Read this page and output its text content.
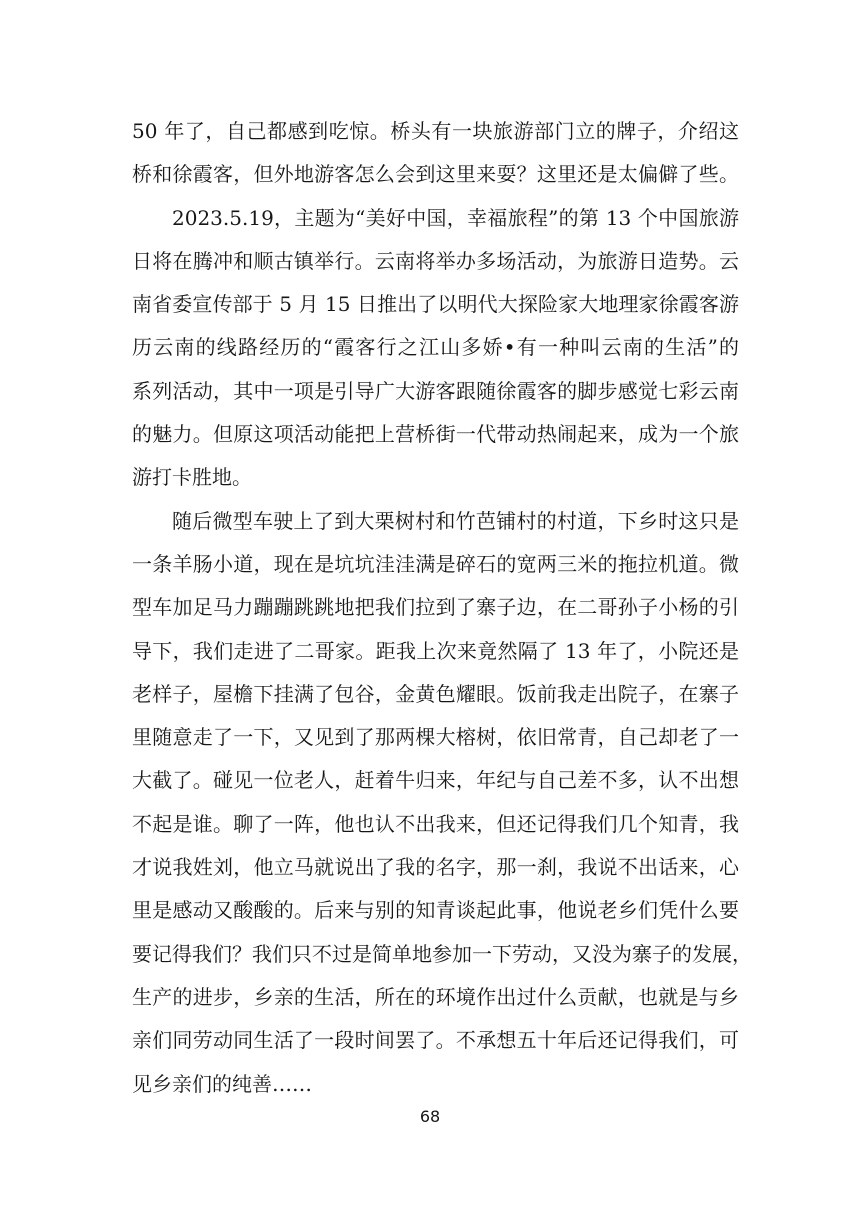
50 年了，自己都感到吃惊。桥头有一块旅游部门立的牌子，介绍这
桥和徐霞客，但外地游客怎么会到这里来耍？这里还是太偏僻了些。
2023.5.19，主题为“美好中国，幸福旅程”的第 13 个中国旅游
日将在腾冲和顺古镇举行。云南将举办多场活动，为旅游日造势。云
南省委宣传部于 5 月 15 日推出了以明代大探险家大地理家徐霞客游
历云南的线路经历的“霞客行之江山多娇•有一种叫云南的生活”的
系列活动，其中一项是引导广大游客跟随徐霞客的脚步感觉七彩云南
的魅力。但原这项活动能把上营桥街一代带动热闹起来，成为一个旅
游打卡胜地。
随后微型车驶上了到大栗树村和竹芭铺村的村道，下乡时这只是
一条羊肠小道，现在是坑坑洼洼满是碎石的宽两三米的拖拉机道。微
型车加足马力蹦蹦跳跳地把我们拉到了寨子边，在二哥孙子小杨的引
导下，我们走进了二哥家。距我上次来竟然隔了 13 年了，小院还是
老样子，屋檐下挂满了包谷，金黄色耀眼。饭前我走出院子，在寨子
里随意走了一下，又见到了那两棵大榕树，依旧常青，自己却老了一
大截了。碰见一位老人，赶着牛归来，年纪与自己差不多，认不出想
不起是谁。聊了一阵，他也认不出我来，但还记得我们几个知青，我
才说我姓刘，他立马就说出了我的名字，那一刹，我说不出话来，心
里是感动又酸酸的。后来与别的知青谈起此事，他说老乡们凭什么要
要记得我们？我们只不过是简单地参加一下劳动，又没为寨子的发展，
生产的进步，乡亲的生活，所在的环境作出过什么贡献，也就是与乡
亲们同劳动同生活了一段时间罢了。不承想五十年后还记得我们，可
见乡亲们的纯善……
68
